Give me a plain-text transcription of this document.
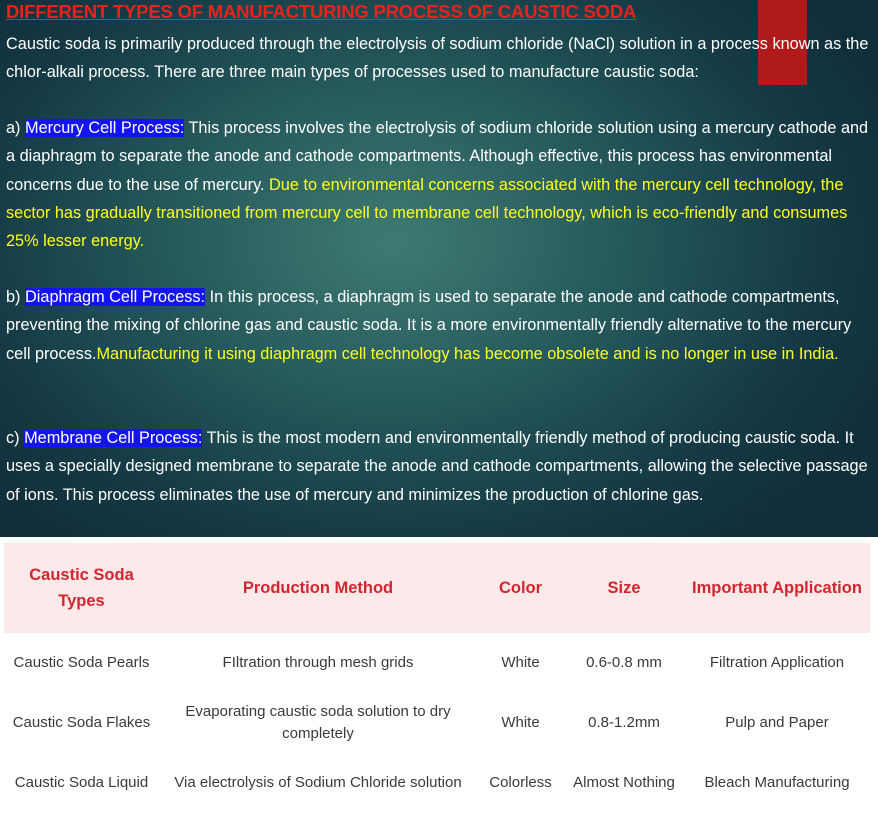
DIFFERENT TYPES OF MANUFACTURING PROCESS OF CAUSTIC SODA

Caustic soda is primarily produced through the electrolysis of sodium chloride (NaCl) solution in a process known as the chlor-alkali process. There are three main types of processes used to manufacture caustic soda:

a) Mercury Cell Process: This process involves the electrolysis of sodium chloride solution using a mercury cathode and a diaphragm to separate the anode and cathode compartments. Although effective, this process has environmental concerns due to the use of mercury. Due to environmental concerns associated with the mercury cell technology, the sector has gradually transitioned from mercury cell to membrane cell technology, which is eco-friendly and consumes 25% lesser energy.

b) Diaphragm Cell Process: In this process, a diaphragm is used to separate the anode and cathode compartments, preventing the mixing of chlorine gas and caustic soda. It is a more environmentally friendly alternative to the mercury cell process.Manufacturing it using diaphragm cell technology has become obsolete and is no longer in use in India.

c) Membrane Cell Process: This is the most modern and environmentally friendly method of producing caustic soda. It uses a specially designed membrane to separate the anode and cathode compartments, allowing the selective passage of ions. This process eliminates the use of mercury and minimizes the production of chlorine gas.

Caustic Soda Types	Production Method	Color	Size	Important Application
Caustic Soda Pearls	FIltration through mesh grids	White	0.6-0.8 mm	Filtration Application
Caustic Soda Flakes	Evaporating caustic soda solution to dry completely	White	0.8-1.2mm	Pulp and Paper
Caustic Soda Liquid	Via electrolysis of Sodium Chloride solution	Colorless	Almost Nothing	Bleach Manufacturing
